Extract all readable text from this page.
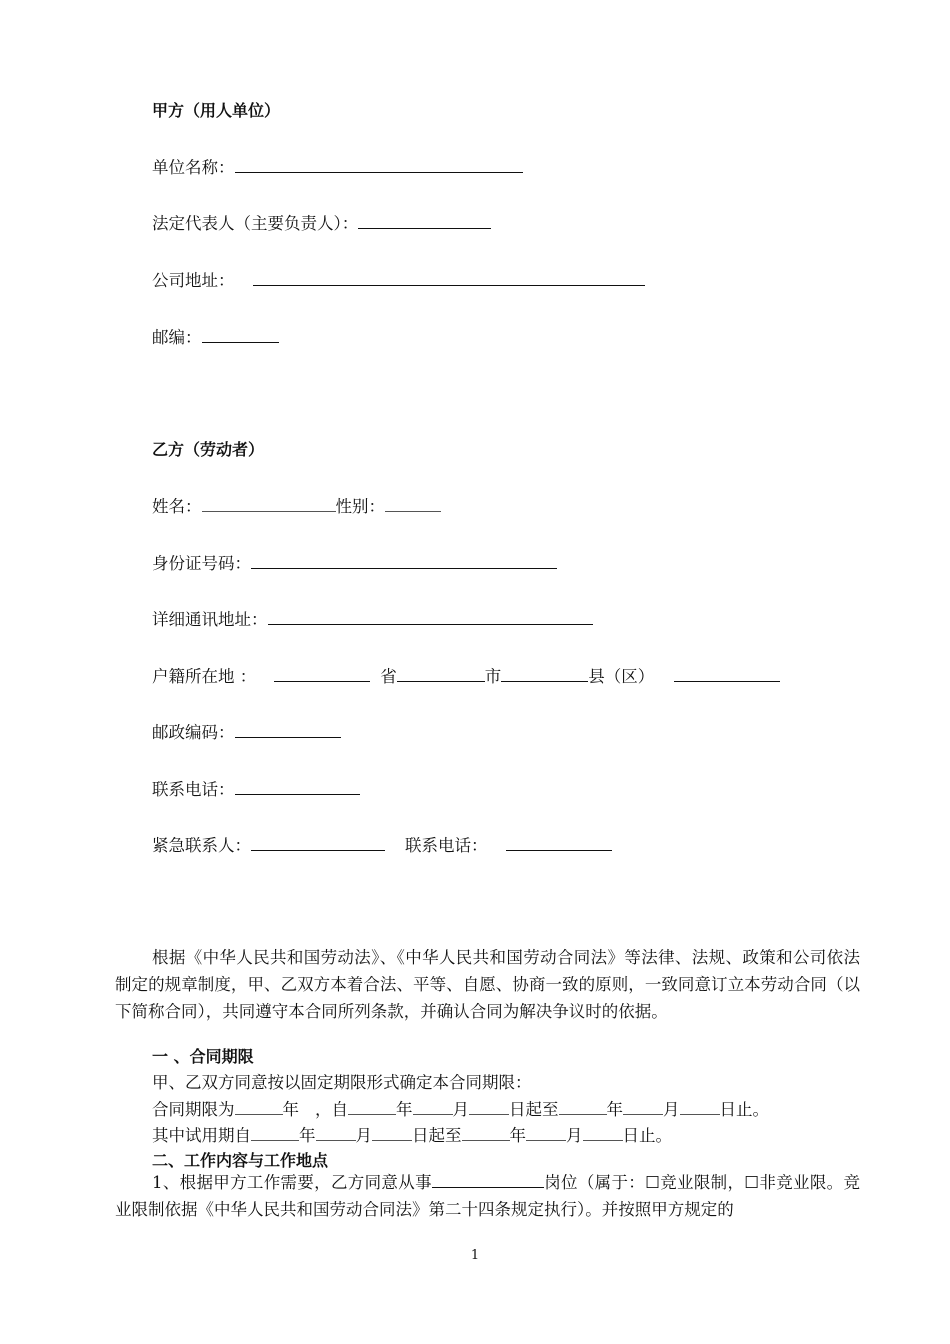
甲方（用人单位）
单位名称：
法定代表人（主要负责人）：
公司地址：
邮编：
乙方（劳动者）
姓名：	性别：
身份证号码：
详细通讯地址：
户籍所在地 ：	省	市	县（区）
邮政编码：
联系电话：
紧急联系人：	联系电话：
根据《中华人民共和国劳动法》、《中华人民共和国劳动合同法》等法律、法规、政策和公司依法制定的规章制度，甲、乙双方本着合法、平等、自愿、协商一致的原则，一致同意订立本劳动合同（以下简称合同），共同遵守本合同所列条款，并确认合同为解决争议时的依据。
一 、合同期限
甲、乙双方同意按以固定期限形式确定本合同期限：
合同期限为	年 ，自	年 月 日起至	年 月 日止。
其中试用期自	年 月 日起至	年 月 日止。
二、工作内容与工作地点
1、根据甲方工作需要，乙方同意从事	岗位（属于：☐竞业限制，☐非竞业限。竞业限制依据《中华人民共和国劳动合同法》第二十四条规定执行）。并按照甲方规定的
1
